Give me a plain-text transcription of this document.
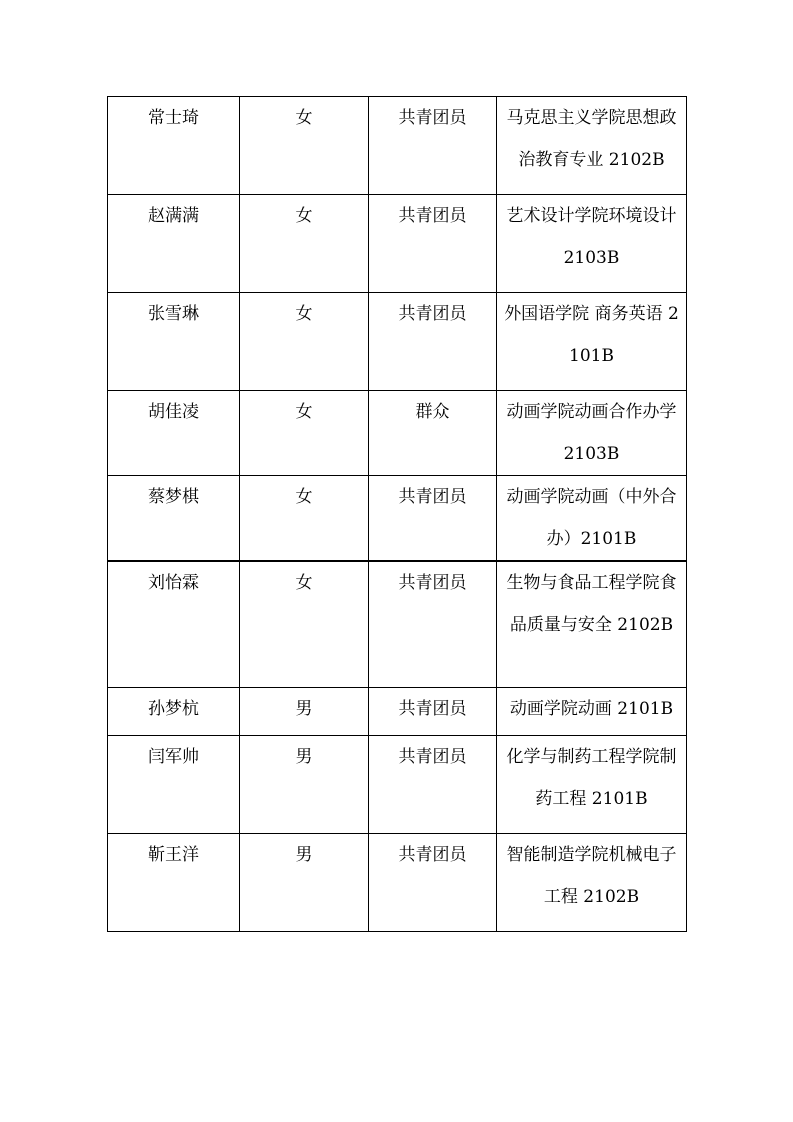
常士琦	女	共青团员	马克思主义学院思想政治教育专业 2102B

赵满满	女	共青团员	艺术设计学院环境设计 2103B

张雪琳	女	共青团员	外国语学院 商务英语 2101B

胡佳凌	女	群众	动画学院动画合作办学 2103B

蔡梦棋	女	共青团员	动画学院动画（中外合办）2101B

刘怡霖	女	共青团员	生物与食品工程学院食品质量与安全 2102B

孙梦杭	男	共青团员	动画学院动画 2101B

闫军帅	男	共青团员	化学与制药工程学院制药工程 2101B

靳王洋	男	共青团员	智能制造学院机械电子工程 2102B
